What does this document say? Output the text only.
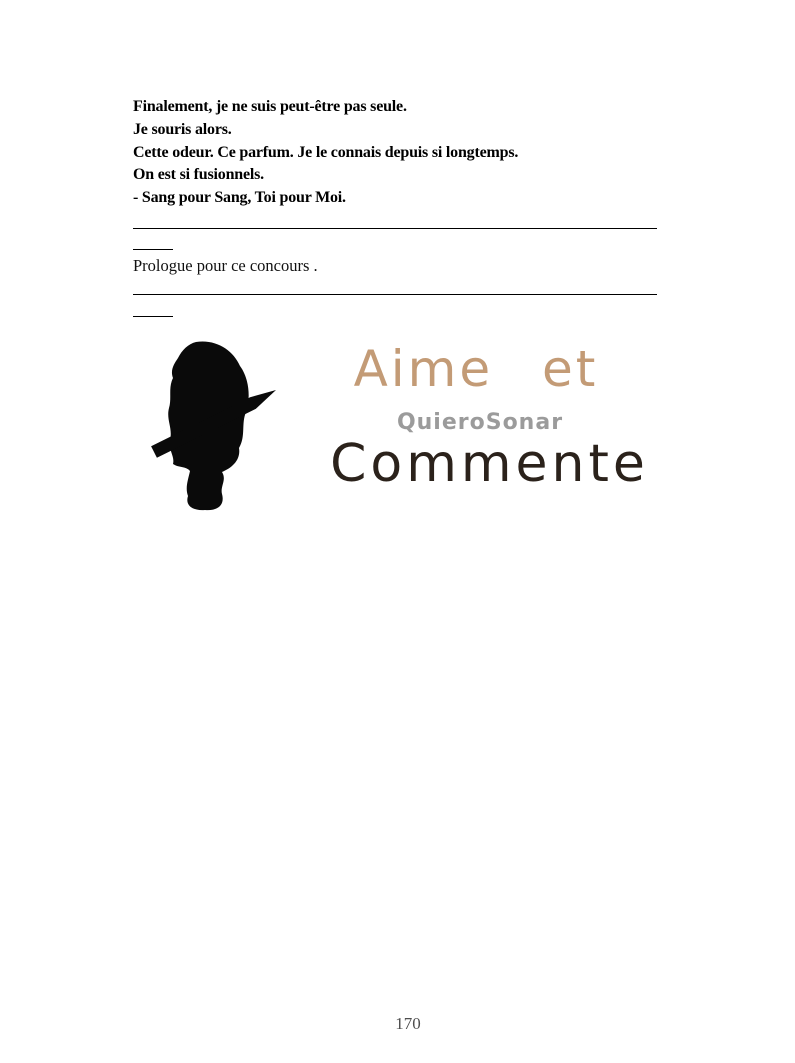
Finalement, je ne suis peut-être pas seule.
Je souris alors.
Cette odeur. Ce parfum. Je le connais depuis si longtemps.
On est si fusionnels.
- Sang pour Sang, Toi pour Moi.
Prologue pour ce concours .
Aime et
QuieroSonar
Commente
170
